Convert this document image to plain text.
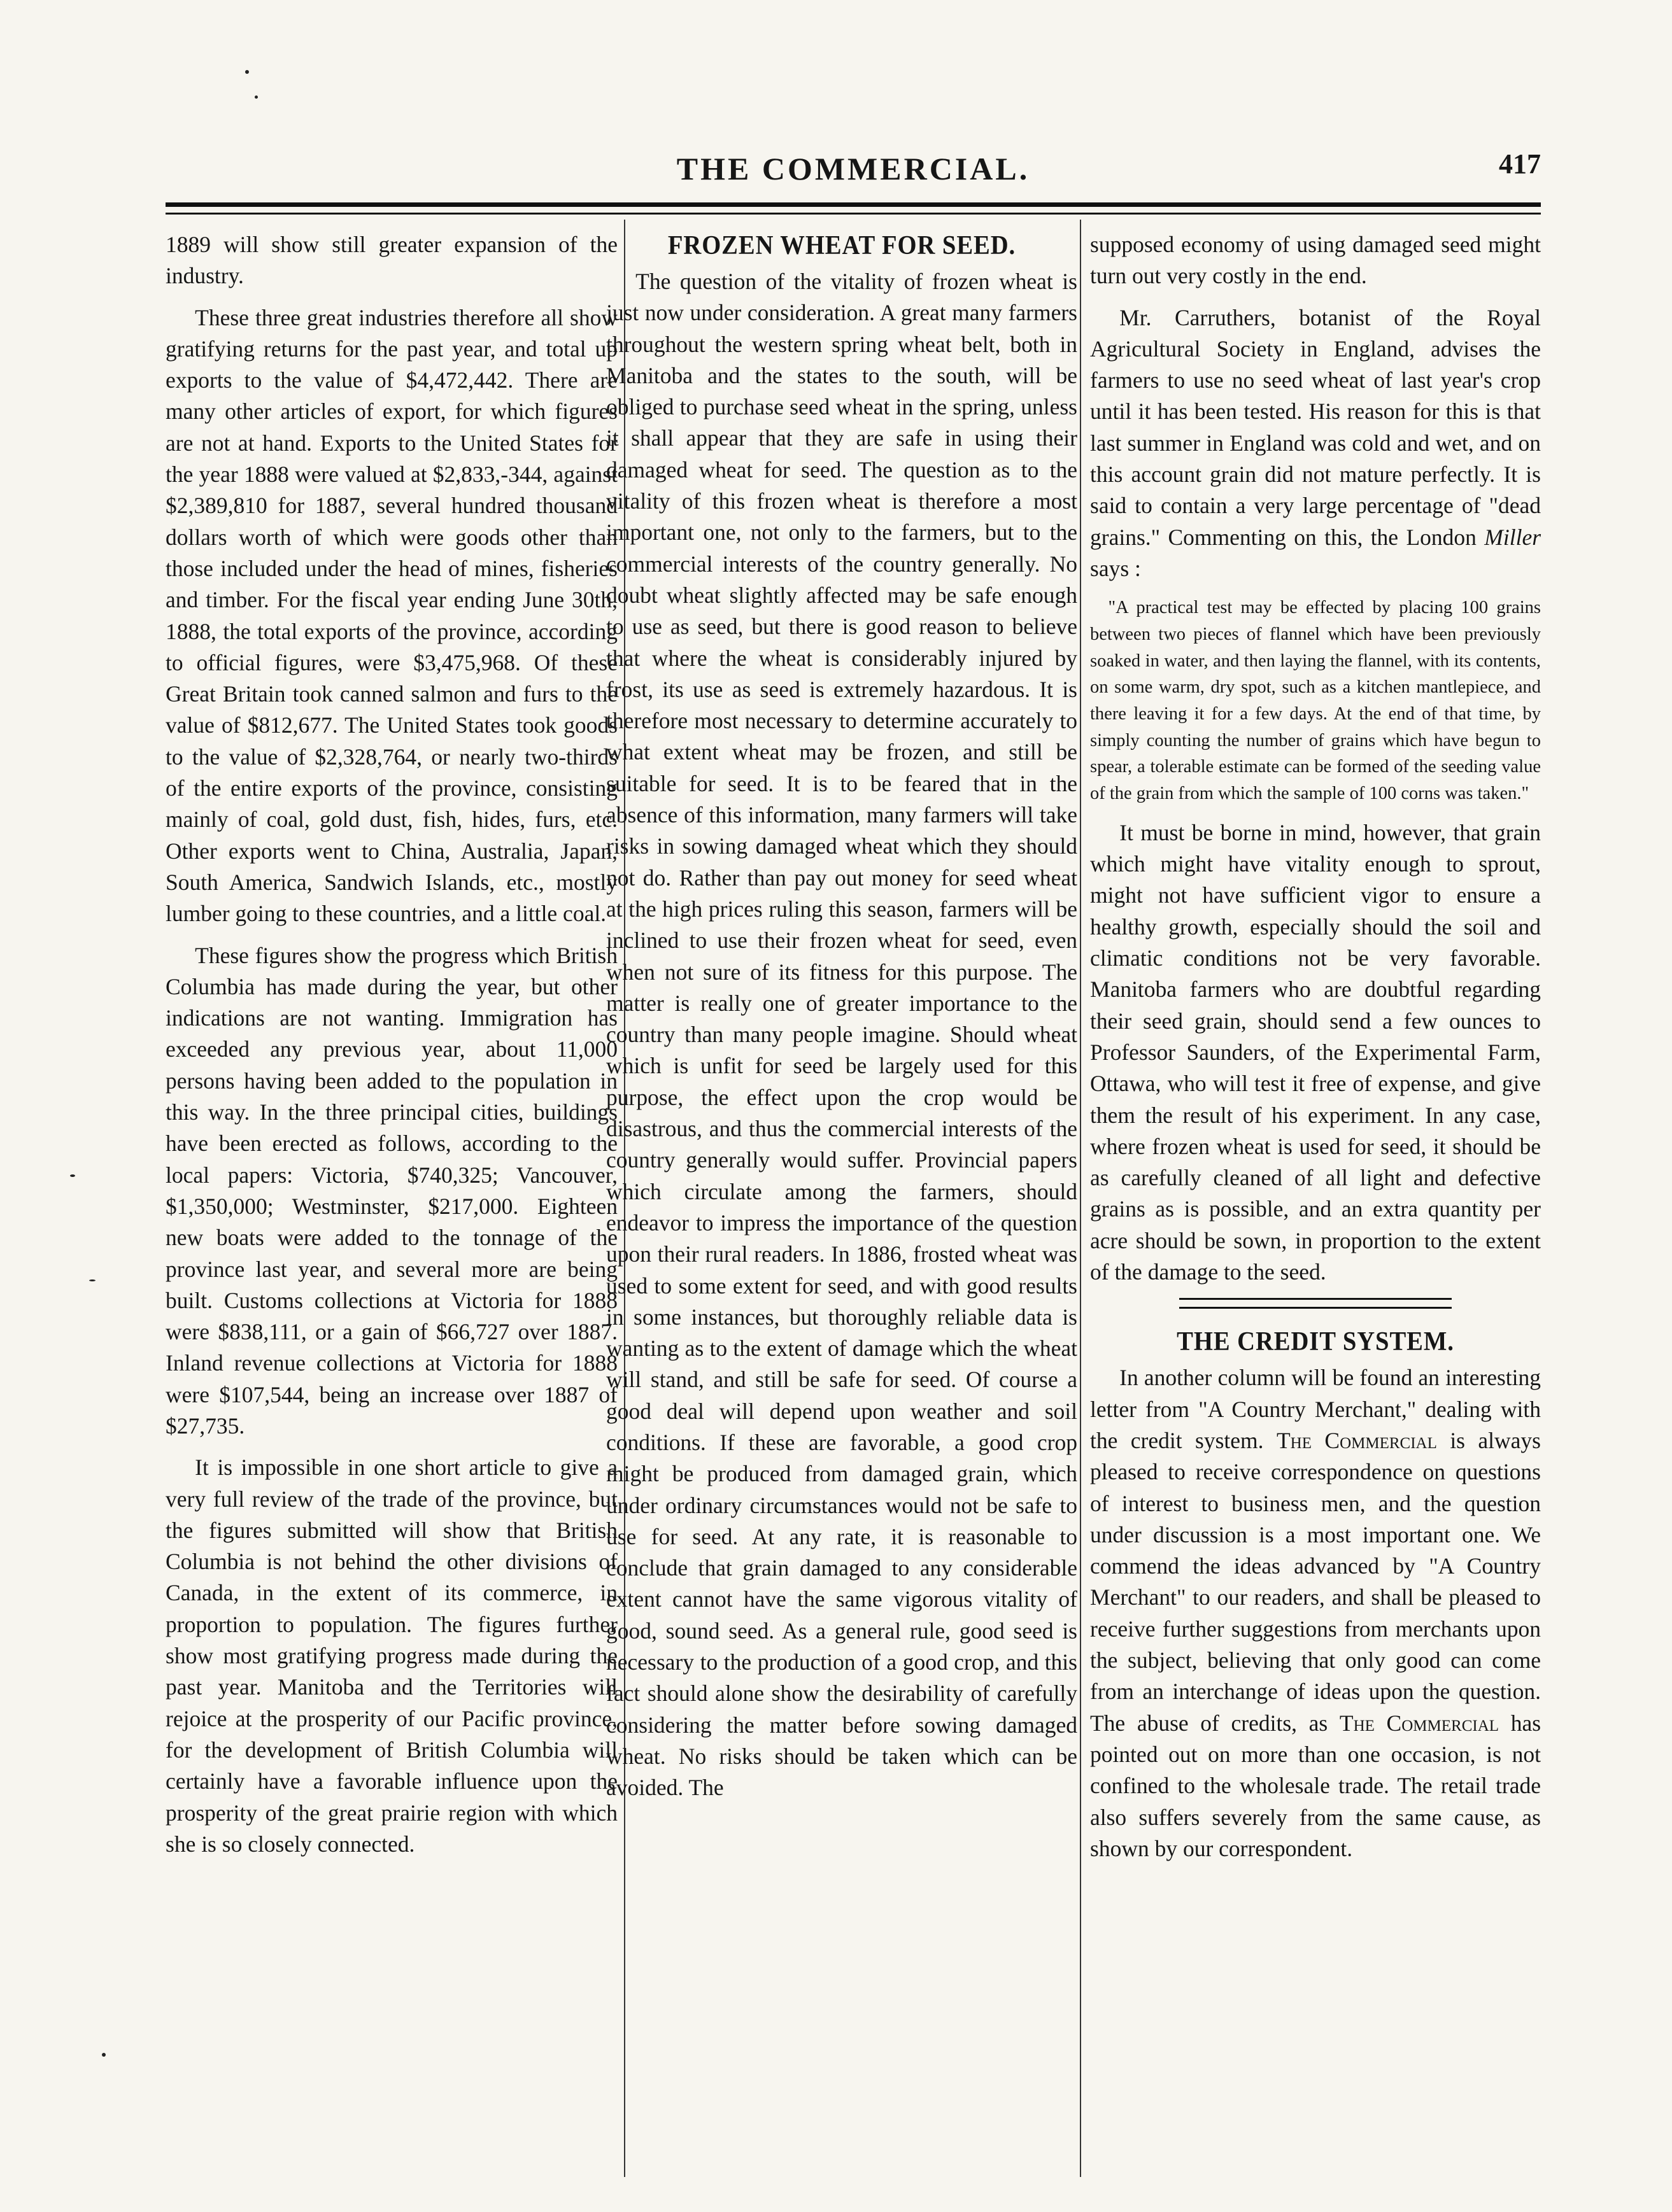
THE COMMERCIAL.	417

1889 will show still greater expansion of the industry.

These three great industries therefore all show gratifying returns for the past year, and total up exports to the value of $4,472,442. There are many other articles of export, for which figures are not at hand. Exports to the United States for the year 1888 were valued at $2,833,-344, against $2,389,810 for 1887, several hundred thousand dollars worth of which were goods other than those included under the head of mines, fisheries and timber. For the fiscal year ending June 30th, 1888, the total exports of the province, according to official figures, were $3,475,968. Of these Great Britain took canned salmon and furs to the value of $812,677. The United States took goods to the value of $2,328,764, or nearly two-thirds of the entire exports of the province, consisting mainly of coal, gold dust, fish, hides, furs, etc. Other exports went to China, Australia, Japan, South America, Sandwich Islands, etc., mostly lumber going to these countries, and a little coal.

These figures show the progress which British Columbia has made during the year, but other indications are not wanting. Immigration has exceeded any previous year, about 11,000 persons having been added to the population in this way. In the three principal cities, buildings have been erected as follows, according to the local papers: Victoria, $740,325; Vancouver, $1,350,000; Westminster, $217,000. Eighteen new boats were added to the tonnage of the province last year, and several more are being built. Customs collections at Victoria for 1888 were $838,111, or a gain of $66,727 over 1887. Inland revenue collections at Victoria for 1888 were $107,544, being an increase over 1887 of $27,735.

It is impossible in one short article to give a very full review of the trade of the province, but the figures submitted will show that British Columbia is not behind the other divisions of Canada, in the extent of its commerce, in proportion to population. The figures further show most gratifying progress made during the past year. Manitoba and the Territories will rejoice at the prosperity of our Pacific province, for the development of British Columbia will certainly have a favorable influence upon the prosperity of the great prairie region with which she is so closely connected.

FROZEN WHEAT FOR SEED.

The question of the vitality of frozen wheat is just now under consideration. A great many farmers throughout the western spring wheat belt, both in Manitoba and the states to the south, will be obliged to purchase seed wheat in the spring, unless it shall appear that they are safe in using their damaged wheat for seed. The question as to the vitality of this frozen wheat is therefore a most important one, not only to the farmers, but to the commercial interests of the country generally. No doubt wheat slightly affected may be safe enough to use as seed, but there is good reason to believe that where the wheat is considerably injured by frost, its use as seed is extremely hazardous. It is therefore most necessary to determine accurately to what extent wheat may be frozen, and still be suitable for seed. It is to be feared that in the absence of this information, many farmers will take risks in sowing damaged wheat which they should not do. Rather than pay out money for seed wheat at the high prices ruling this season, farmers will be inclined to use their frozen wheat for seed, even when not sure of its fitness for this purpose. The matter is really one of greater importance to the country than many people imagine. Should wheat which is unfit for seed be largely used for this purpose, the effect upon the crop would be disastrous, and thus the commercial interests of the country generally would suffer. Provincial papers which circulate among the farmers, should endeavor to impress the importance of the question upon their rural readers. In 1886, frosted wheat was used to some extent for seed, and with good results in some instances, but thoroughly reliable data is wanting as to the extent of damage which the wheat will stand, and still be safe for seed. Of course a good deal will depend upon weather and soil conditions. If these are favorable, a good crop might be produced from damaged grain, which under ordinary circumstances would not be safe to use for seed. At any rate, it is reasonable to conclude that grain damaged to any considerable extent cannot have the same vigorous vitality of good, sound seed. As a general rule, good seed is necessary to the production of a good crop, and this fact should alone show the desirability of carefully considering the matter before sowing damaged wheat. No risks should be taken which can be avoided. The

supposed economy of using damaged seed might turn out very costly in the end.

Mr. Carruthers, botanist of the Royal Agricultural Society in England, advises the farmers to use no seed wheat of last year's crop until it has been tested. His reason for this is that last summer in England was cold and wet, and on this account grain did not mature perfectly. It is said to contain a very large percentage of "dead grains." Commenting on this, the London Miller says :

"A practical test may be effected by placing 100 grains between two pieces of flannel which have been previously soaked in water, and then laying the flannel, with its contents, on some warm, dry spot, such as a kitchen mantlepiece, and there leaving it for a few days. At the end of that time, by simply counting the number of grains which have begun to spear, a tolerable estimate can be formed of the seeding value of the grain from which the sample of 100 corns was taken."

It must be borne in mind, however, that grain which might have vitality enough to sprout, might not have sufficient vigor to ensure a healthy growth, especially should the soil and climatic conditions not be very favorable. Manitoba farmers who are doubtful regarding their seed grain, should send a few ounces to Professor Saunders, of the Experimental Farm, Ottawa, who will test it free of expense, and give them the result of his experiment. In any case, where frozen wheat is used for seed, it should be as carefully cleaned of all light and defective grains as is possible, and an extra quantity per acre should be sown, in proportion to the extent of the damage to the seed.

THE CREDIT SYSTEM.

In another column will be found an interesting letter from "A Country Merchant," dealing with the credit system. The Commercial is always pleased to receive correspondence on questions of interest to business men, and the question under discussion is a most important one. We commend the ideas advanced by "A Country Merchant" to our readers, and shall be pleased to receive further suggestions from merchants upon the subject, believing that only good can come from an interchange of ideas upon the question. The abuse of credits, as The Commercial has pointed out on more than one occasion, is not confined to the wholesale trade. The retail trade also suffers severely from the same cause, as shown by our correspondent.
